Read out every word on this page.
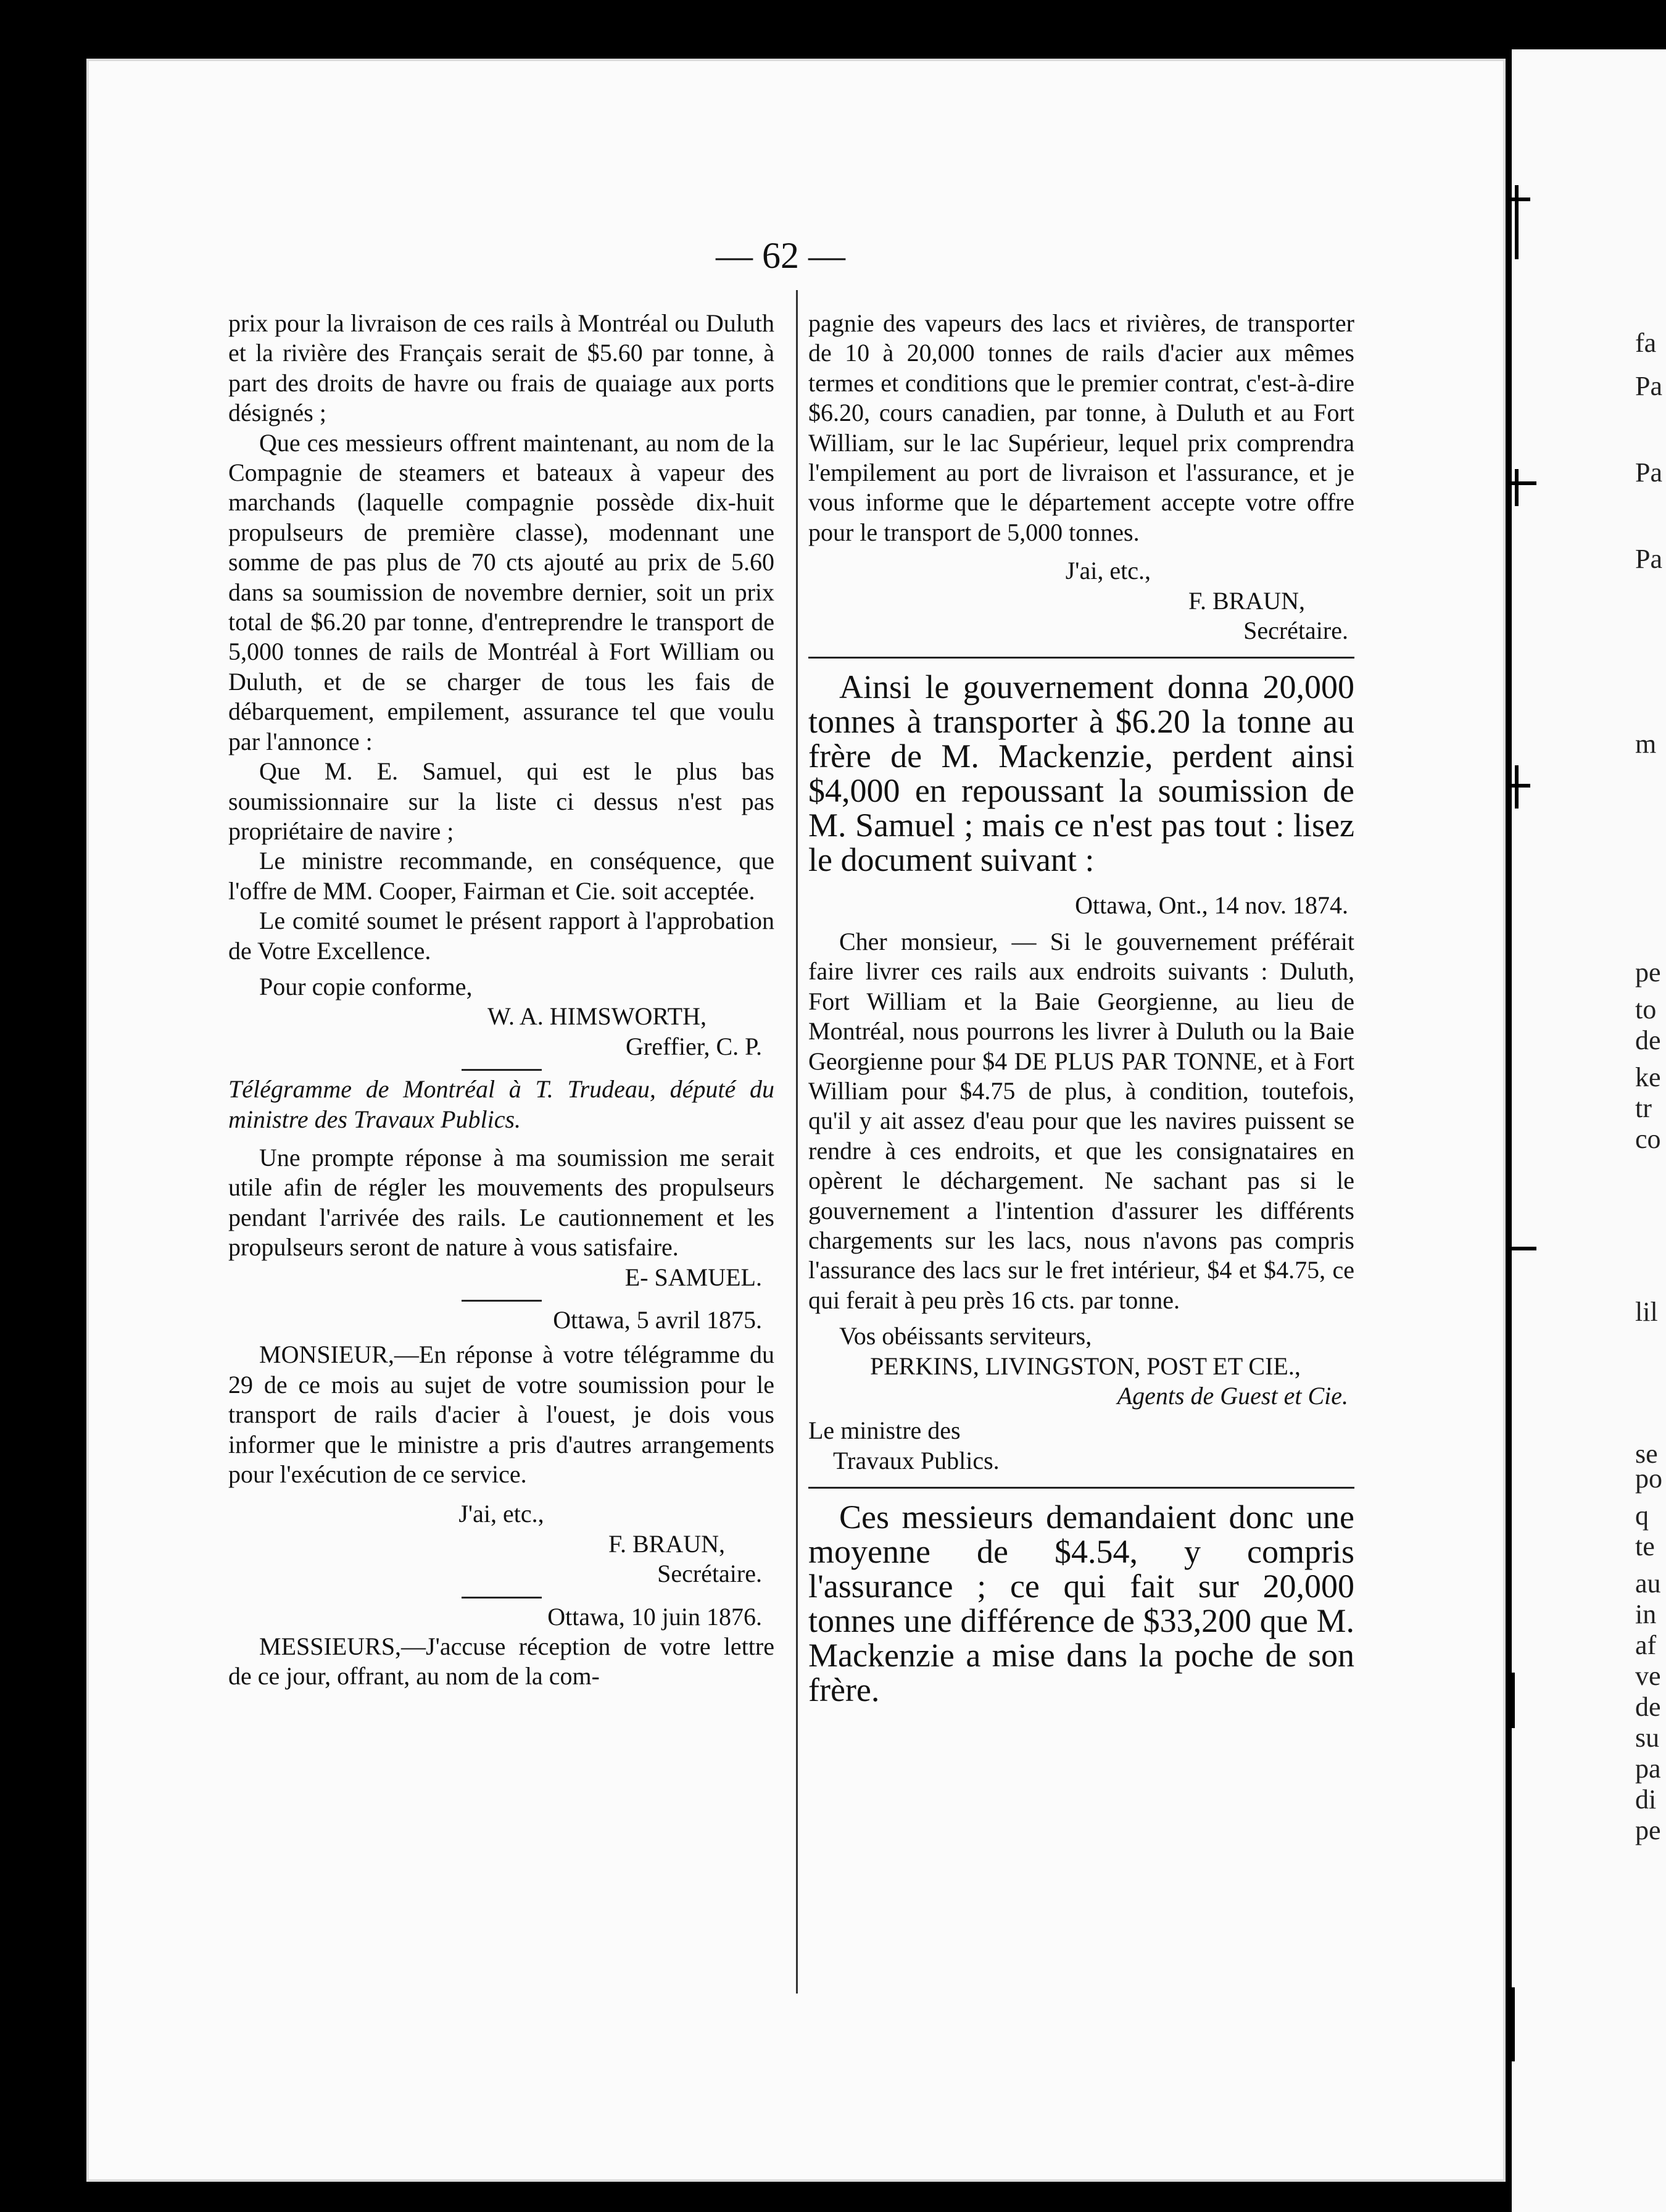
— 62 —

prix pour la livraison de ces rails à Montréal ou Duluth et la rivière des Français serait de $5.60 par tonne, à part des droits de havre ou frais de quaiage aux ports désignés ;

Que ces messieurs offrent maintenant, au nom de la Compagnie de steamers et bateaux à vapeur des marchands (laquelle compagnie possède dix-huit propulseurs de première classe), modennant une somme de pas plus de 70 cts ajouté au prix de 5.60 dans sa soumission de novembre dernier, soit un prix total de $6.20 par tonne, d'entreprendre le transport de 5,000 tonnes de rails de Montréal à Fort William ou Duluth, et de se charger de tous les fais de débarquement, empilement, assurance tel que voulu par l'annonce :

Que M. E. Samuel, qui est le plus bas soumissionnaire sur la liste ci dessus n'est pas propriétaire de navire ;

Le ministre recommande, en conséquence, que l'offre de MM. Cooper, Fairman et Cie. soit acceptée.

Le comité soumet le présent rapport à l'approbation de Votre Excellence.

Pour copie conforme,

W. A. HIMSWORTH,

Greffier, C. P.

Télégramme de Montréal à T. Trudeau, député du ministre des Travaux Publics.

Une prompte réponse à ma soumission me serait utile afin de régler les mouvements des propulseurs pendant l'arrivée des rails. Le cautionnement et les propulseurs seront de nature à vous satisfaire.

E- SAMUEL.

Ottawa, 5 avril 1875.

MONSIEUR,—En réponse à votre télégramme du 29 de ce mois au sujet de votre soumission pour le transport de rails d'acier à l'ouest, je dois vous informer que le ministre a pris d'autres arrangements pour l'exécution de ce service.

J'ai, etc.,

F. BRAUN,

Secrétaire.

Ottawa, 10 juin 1876.

MESSIEURS,—J'accuse réception de votre lettre de ce jour, offrant, au nom de la com-

pagnie des vapeurs des lacs et rivières, de transporter de 10 à 20,000 tonnes de rails d'acier aux mêmes termes et conditions que le premier contrat, c'est-à-dire $6.20, cours canadien, par tonne, à Duluth et au Fort William, sur le lac Supérieur, lequel prix comprendra l'empilement au port de livraison et l'assurance, et je vous informe que le département accepte votre offre pour le transport de 5,000 tonnes.

J'ai, etc.,

F. BRAUN,

Secrétaire.

Ainsi le gouvernement donna 20,000 tonnes à transporter à $6.20 la tonne au frère de M. Mackenzie, perdent ainsi $4,000 en repoussant la soumission de M. Samuel ; mais ce n'est pas tout : lisez le document suivant :

Ottawa, Ont., 14 nov. 1874.

Cher monsieur, — Si le gouvernement préférait faire livrer ces rails aux endroits suivants : Duluth, Fort William et la Baie Georgienne, au lieu de Montréal, nous pourrons les livrer à Duluth ou la Baie Georgienne pour $4 DE PLUS PAR TONNE, et à Fort William pour $4.75 de plus, à condition, toutefois, qu'il y ait assez d'eau pour que les navires puissent se rendre à ces endroits, et que les consignataires en opèrent le déchargement. Ne sachant pas si le gouvernement a l'intention d'assurer les différents chargements sur les lacs, nous n'avons pas compris l'assurance des lacs sur le fret intérieur, $4 et $4.75, ce qui ferait à peu près 16 cts. par tonne.

Vos obéissants serviteurs,

PERKINS, LIVINGSTON, POST ET CIE.,

Agents de Guest et Cie.

Le ministre des

Travaux Publics.

Ces messieurs demandaient donc une moyenne de $4.54, y compris l'assurance ; ce qui fait sur 20,000 tonnes une différence de $33,200 que M. Mackenzie a mise dans la poche de son frère.

fa
Pa
Pa
Pa
m
pe
to
de
ke
tr
co
lil
se
po
q
te
au
in
af
ve
de
su
pa
di
pe
